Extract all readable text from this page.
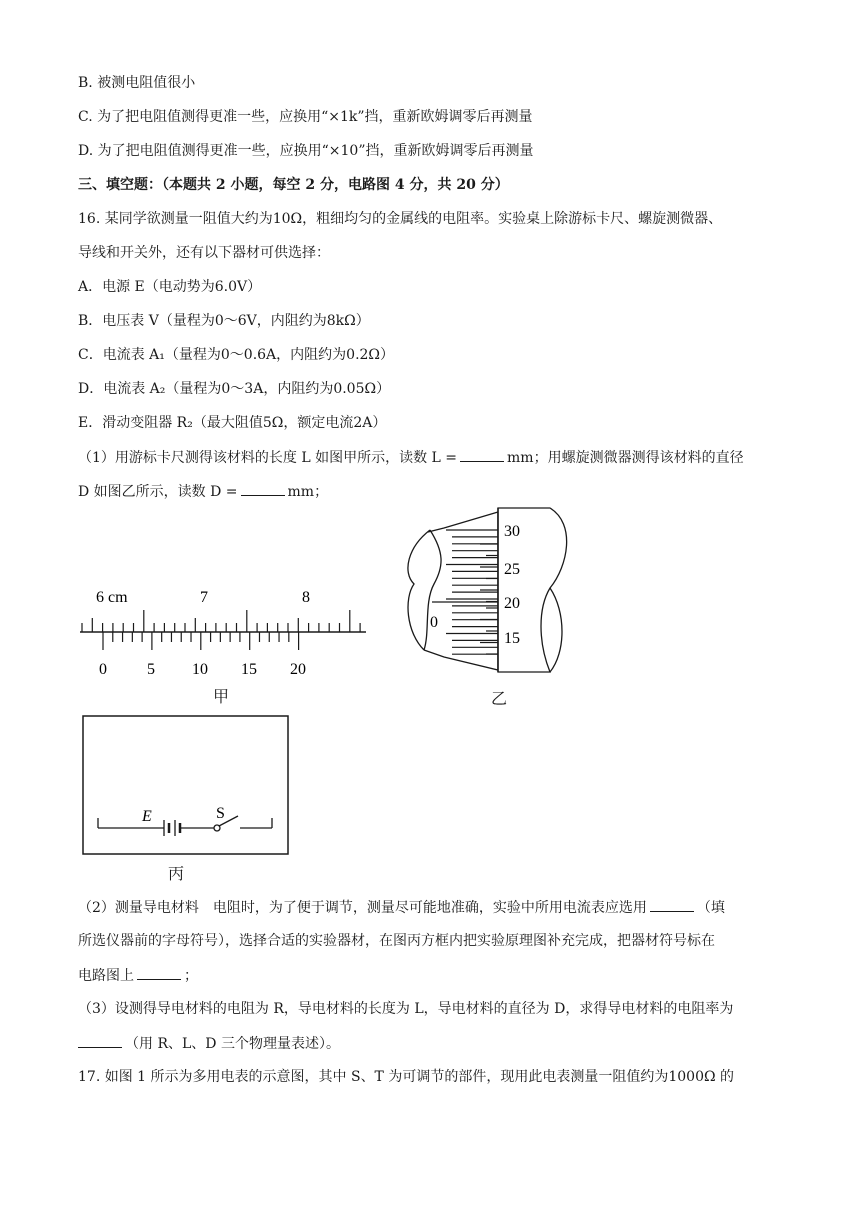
B. 被测电阻值很小
C. 为了把电阻值测得更准一些，应换用“×1k”挡，重新欧姆调零后再测量
D. 为了把电阻值测得更准一些，应换用“×10”挡，重新欧姆调零后再测量
三、填空题：（本题共 2 小题，每空 2 分，电路图 4 分，共 20 分）
16. 某同学欲测量一阻值大约为10Ω，粗细均匀的金属线的电阻率。实验桌上除游标卡尺、螺旋测微器、
导线和开关外，还有以下器材可供选择：
A．电源 E（电动势为6.0V）
B．电压表 V（量程为0～6V，内阻约为8kΩ）
C．电流表 A₁（量程为0～0.6A，内阻约为0.2Ω）
D．电流表 A₂（量程为0～3A，内阻约为0.05Ω）
E．滑动变阻器 R₂（最大阻值5Ω，额定电流2A）
（1）用游标卡尺测得该材料的长度 L 如图甲所示，读数 L =	mm；用螺旋测微器测得该材料的直径
D 如图乙所示，读数 D =	mm；
6 cm	7	8
0	5 10 15 20
甲
0
30
25
20
15
乙
E	S
丙
（2）测量导电材料　电阻时，为了便于调节，测量尽可能地准确，实验中所用电流表应选用	（填
所选仪器前的字母符号），选择合适的实验器材，在图丙方框内把实验原理图补充完成，把器材符号标在
电路图上	；
（3）设测得导电材料的电阻为 R，导电材料的长度为 L，导电材料的直径为 D，求得导电材料的电阻率为
（用 R、L、D 三个物理量表述）。
17. 如图 1 所示为多用电表的示意图，其中 S、T 为可调节的部件，现用此电表测量一阻值约为1000Ω 的
